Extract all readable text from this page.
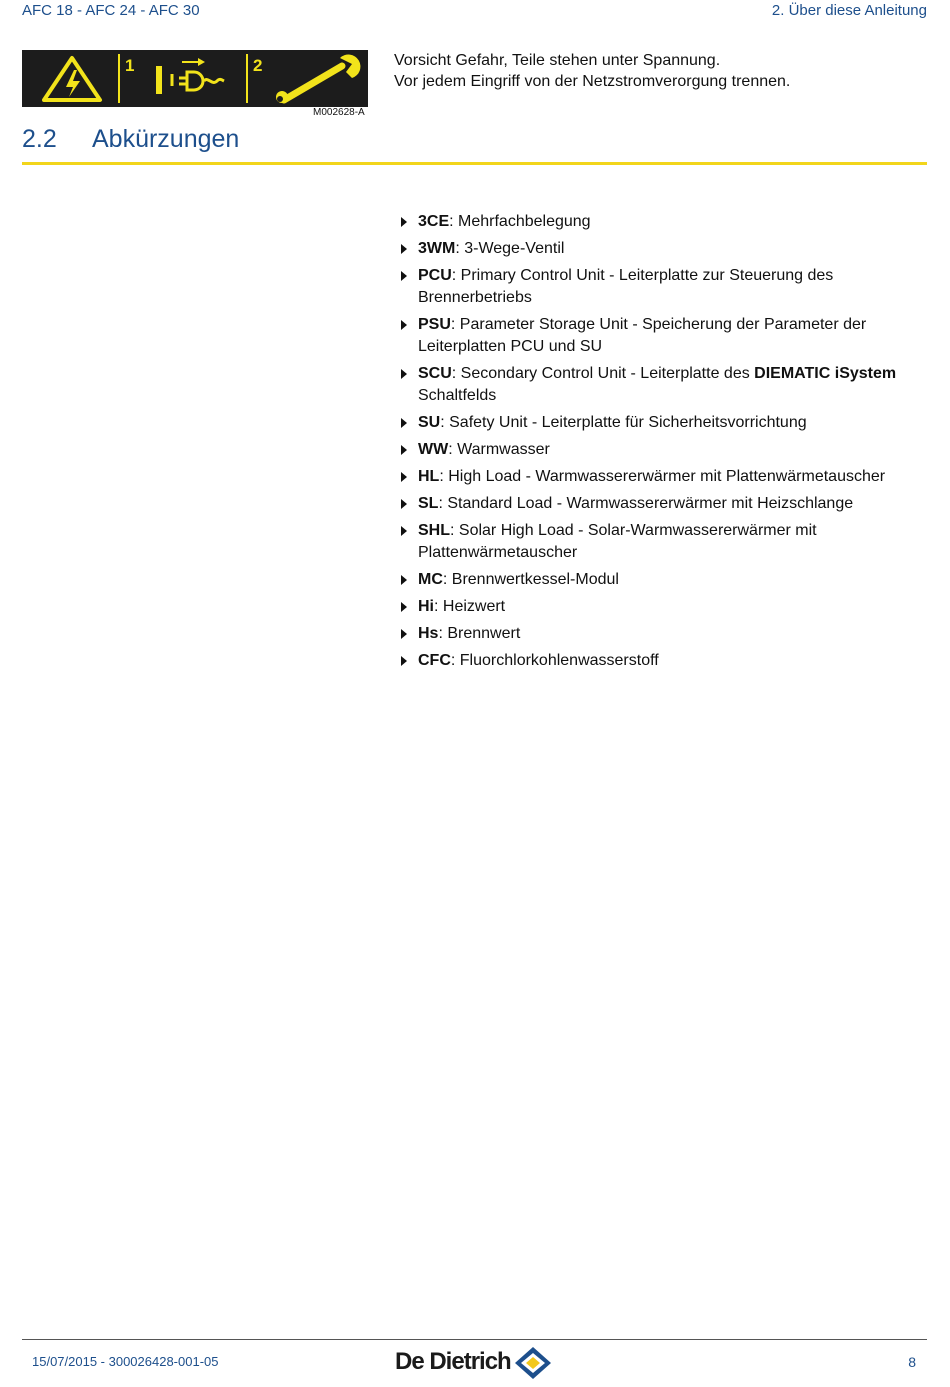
AFC 18 - AFC 24 - AFC 30	2. Über diese Anleitung
1	2
M002628-A
Vorsicht Gefahr, Teile stehen unter Spannung.
Vor jedem Eingriff von der Netzstromverorgung trennen.
2.2 Abkürzungen
3CE: Mehrfachbelegung
3WM: 3-Wege-Ventil
PCU: Primary Control Unit - Leiterplatte zur Steuerung des Brennerbetriebs
PSU: Parameter Storage Unit - Speicherung der Parameter der Leiterplatten PCU und SU
SCU: Secondary Control Unit - Leiterplatte des DIEMATIC iSystem Schaltfelds
SU: Safety Unit - Leiterplatte für Sicherheitsvorrichtung
WW: Warmwasser
HL: High Load - Warmwassererwärmer mit Plattenwärmetauscher
SL: Standard Load - Warmwassererwärmer mit Heizschlange
SHL: Solar High Load - Solar-Warmwassererwärmer mit Plattenwärmetauscher
MC: Brennwertkessel-Modul
Hi: Heizwert
Hs: Brennwert
CFC: Fluorchlorkohlenwasserstoff
15/07/2015 - 300026428-001-05	De Dietrich	8
